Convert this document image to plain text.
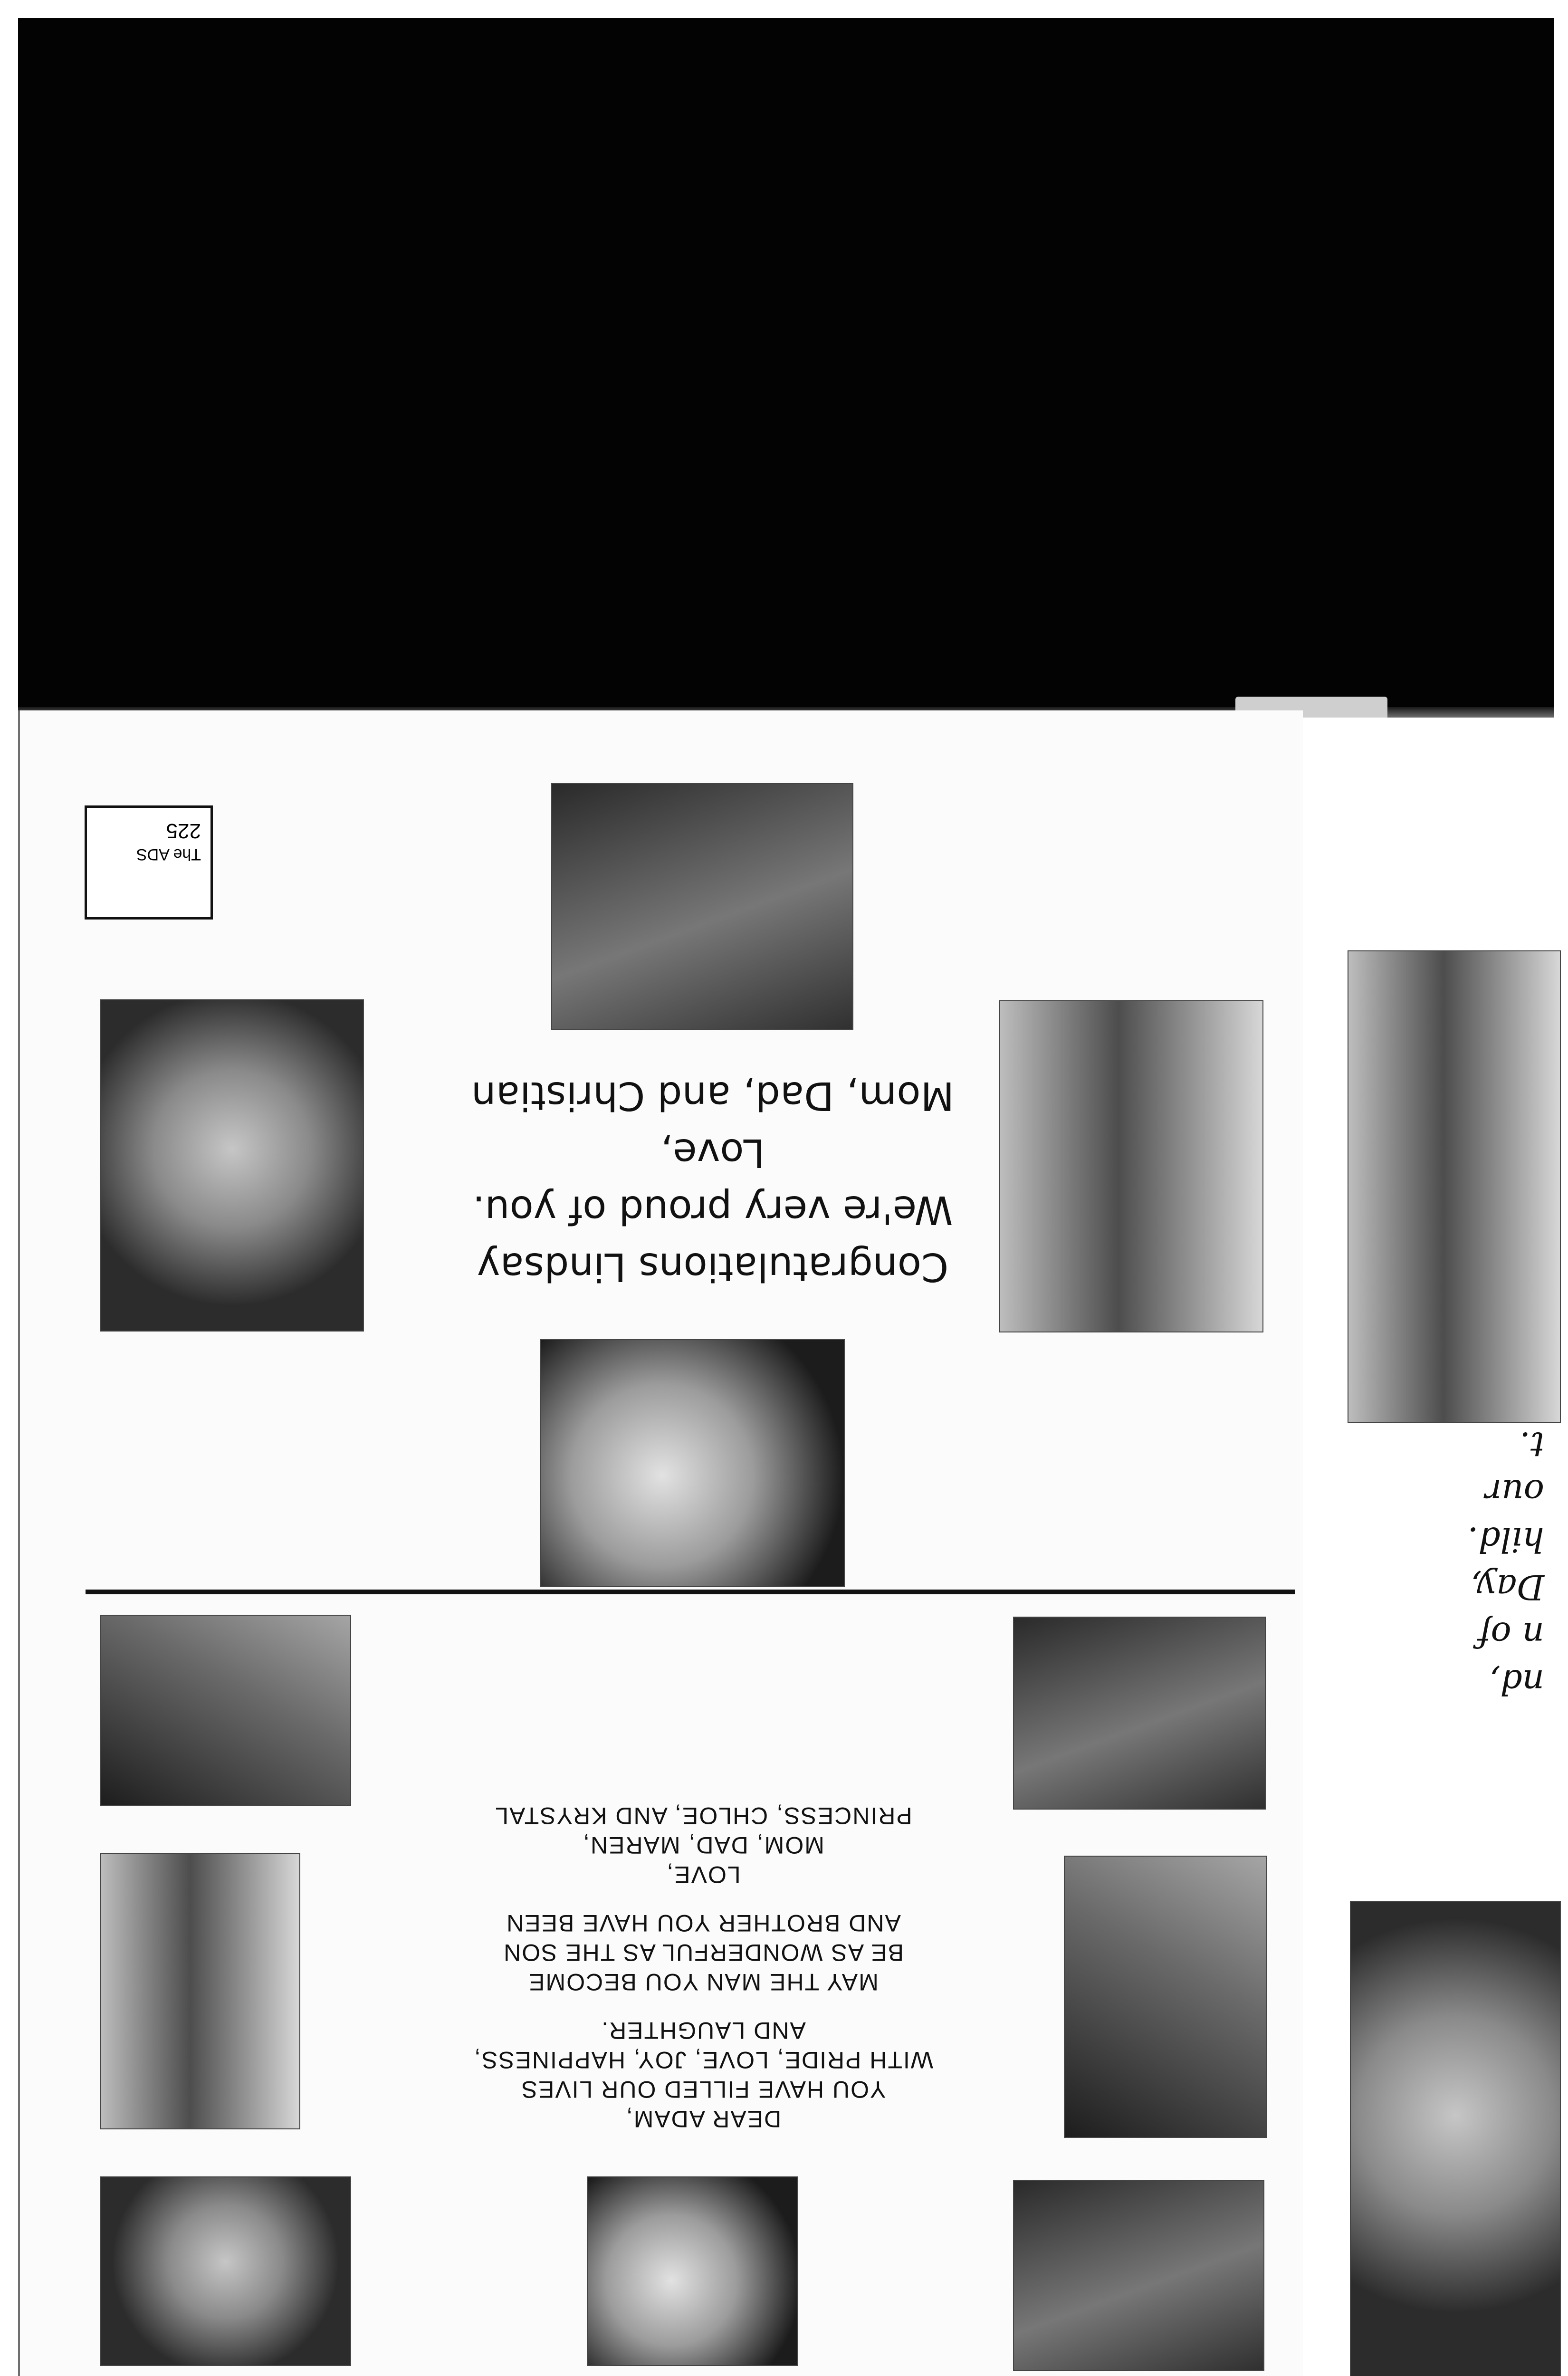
nd,
n of
Day,
hild.
our
t.
Congratulations Lindsay
We're very proud of you.
Love,
Mom, Dad, and Christian
The ADS
225
DEAR ADAM,
YOU HAVE FILLED OUR LIVES
WITH PRIDE, LOVE, JOY, HAPPINESS,
AND LAUGHTER.
MAY THE MAN YOU BECOME
BE AS WONDERFUL AS THE SON
AND BROTHER YOU HAVE BEEN
LOVE,
MOM, DAD, MAREN,
PRINCESS, CHLOE, AND KRYSTAL
